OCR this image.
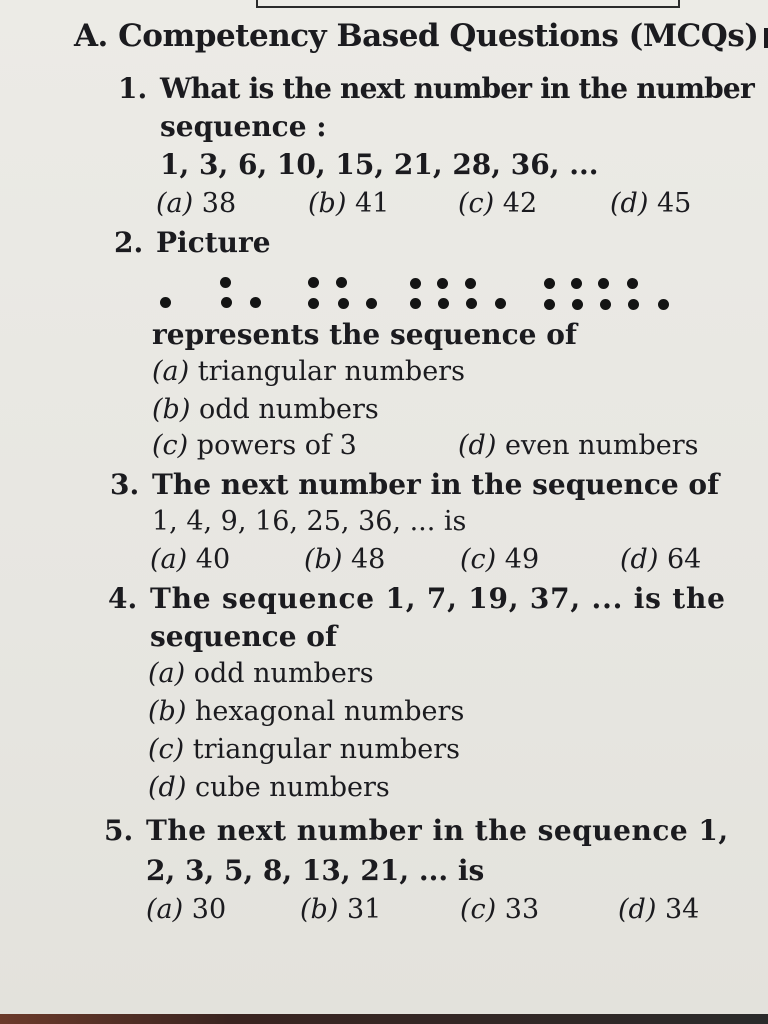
A. Competency Based Questions (MCQs)
1. What is the next number in the number
sequence :
1, 3, 6, 10, 15, 21, 28, 36, ...
(a) 38	(b) 41	(c) 42	(d) 45
2. Picture
represents the sequence of
(a) triangular numbers
(b) odd numbers
(c) powers of 3	(d) even numbers
3. The next number in the sequence of
1, 4, 9, 16, 25, 36, ... is
(a) 40	(b) 48	(c) 49	(d) 64
4. The sequence 1, 7, 19, 37, ... is the
sequence of
(a) odd numbers
(b) hexagonal numbers
(c) triangular numbers
(d) cube numbers
5. The next number in the sequence 1,
2, 3, 5, 8, 13, 21, ... is
(a) 30	(b) 31	(c) 33	(d) 34
